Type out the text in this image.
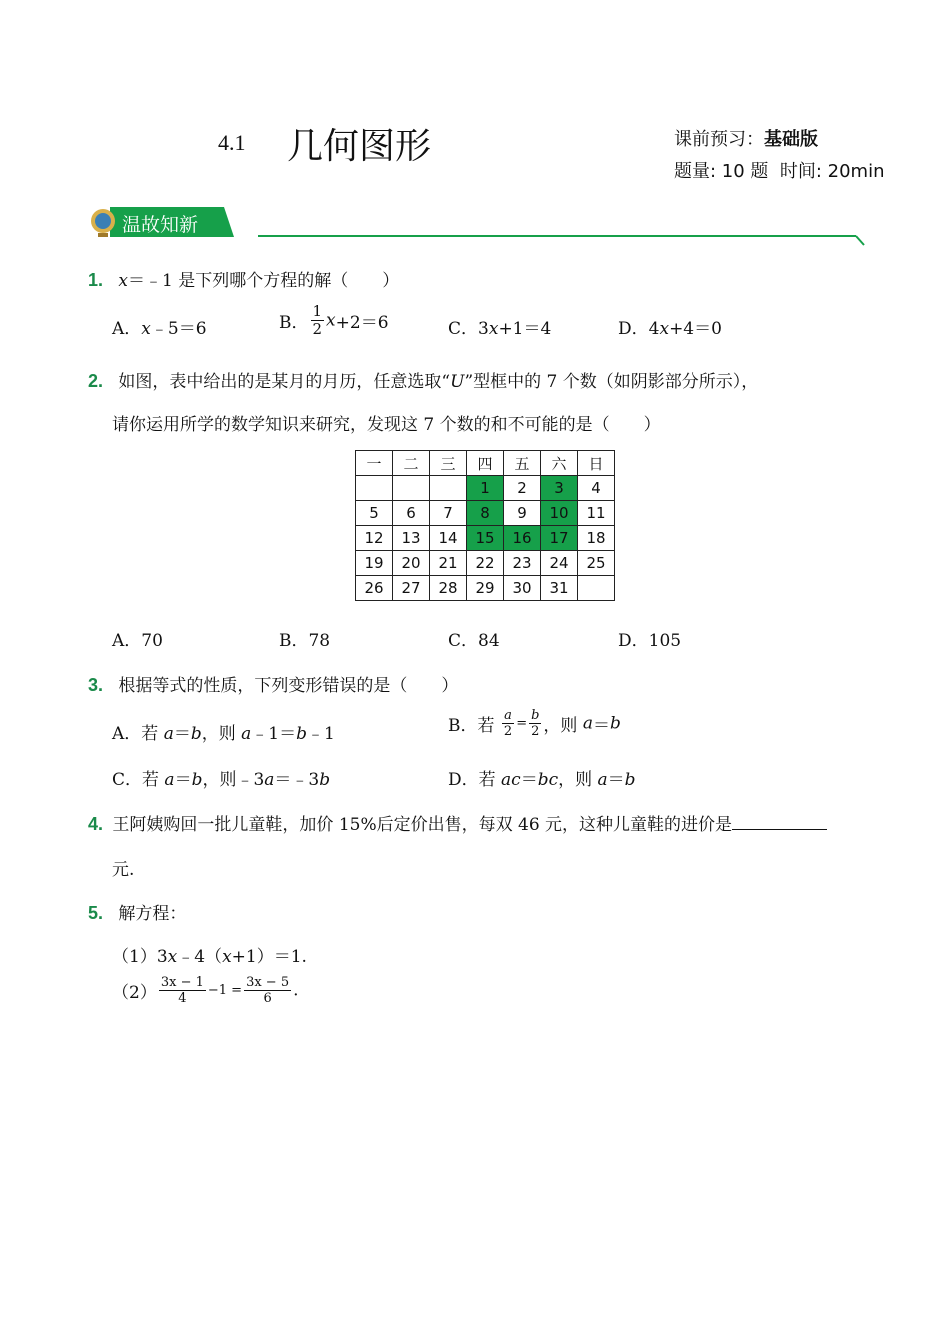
4.1 几何图形	课前预习：基础版
题量: 10 题  时间: 20min
温故知新
1. x＝﹣1 是下列哪个方程的解（　　）
A．x﹣5＝6	B． $\frac{1}{2} x+2=6$	C．3x+1＝4	D．4x+4＝0
2. 如图，表中给出的是某月的月历，任意选取“U”型框中的 7 个数（如阴影部分所示），
请你运用所学的数学知识来研究，发现这 7 个数的和不可能的是（　　）
一	二	三	四	五	六	日
			1	2	3	4
5	6	7	8	9	10	11
12	13	14	15	16	17	18
19	20	21	22	23	24	25
26	27	28	29	30	31	
A．70	B．78	C．84	D．105
3. 根据等式的性质，下列变形错误的是（　　）
A．若 a＝b，则 a﹣1＝b﹣1	B．若 $\frac{a}{2} = \frac{b}{2}$ ，则 a＝b
C．若 a＝b，则﹣3a＝﹣3b	D．若 ac＝bc，则 a＝b
4. 王阿姨购回一批儿童鞋，加价 15%后定价出售，每双 46 元，这种儿童鞋的进价是
元.
5. 解方程：
（1）3x﹣4（x+1）＝1.
$(2) \frac{3x - 1}{4} -1 = \frac{3x - 5}{6}$ .
